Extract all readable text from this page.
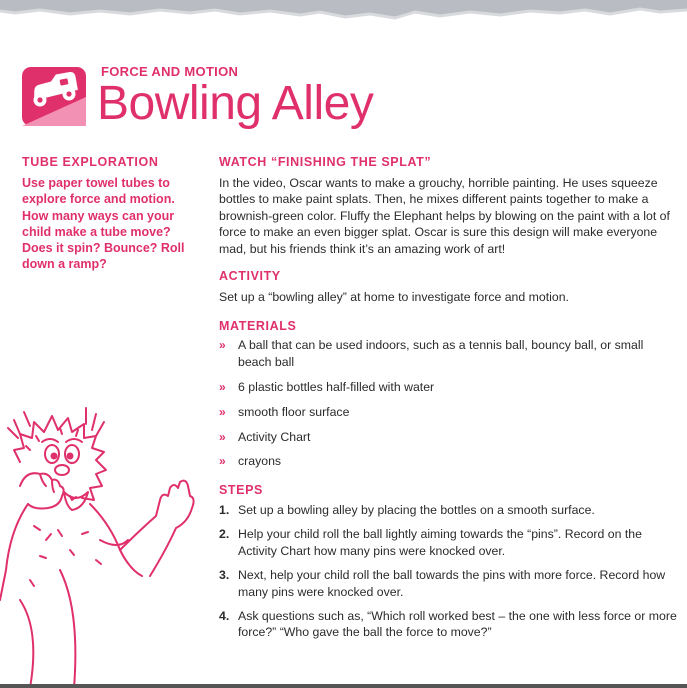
FORCE AND MOTION
Bowling Alley
TUBE EXPLORATION

Use paper towel tubes to explore force and motion. How many ways can your child make a tube move? Does it spin? Bounce? Roll down a ramp?

WATCH “FINISHING THE SPLAT”

In the video, Oscar wants to make a grouchy, horrible painting. He uses squeeze bottles to make paint splats. Then, he mixes different paints together to make a brownish-green color. Fluffy the Elephant helps by blowing on the paint with a lot of force to make an even bigger splat. Oscar is sure this design will make everyone mad, but his friends think it’s an amazing work of art!

ACTIVITY

Set up a “bowling alley” at home to investigate force and motion.

MATERIALS
» A ball that can be used indoors, such as a tennis ball, bouncy ball, or small beach ball
» 6 plastic bottles half-filled with water
» smooth floor surface
» Activity Chart
» crayons
STEPS
1. Set up a bowling alley by placing the bottles on a smooth surface.
2. Help your child roll the ball lightly aiming towards the “pins”. Record on the Activity Chart how many pins were knocked over.
3. Next, help your child roll the ball towards the pins with more force. Record how many pins were knocked over.
4. Ask questions such as, “Which roll worked best – the one with less force or more force?” “Who gave the ball the force to move?”
